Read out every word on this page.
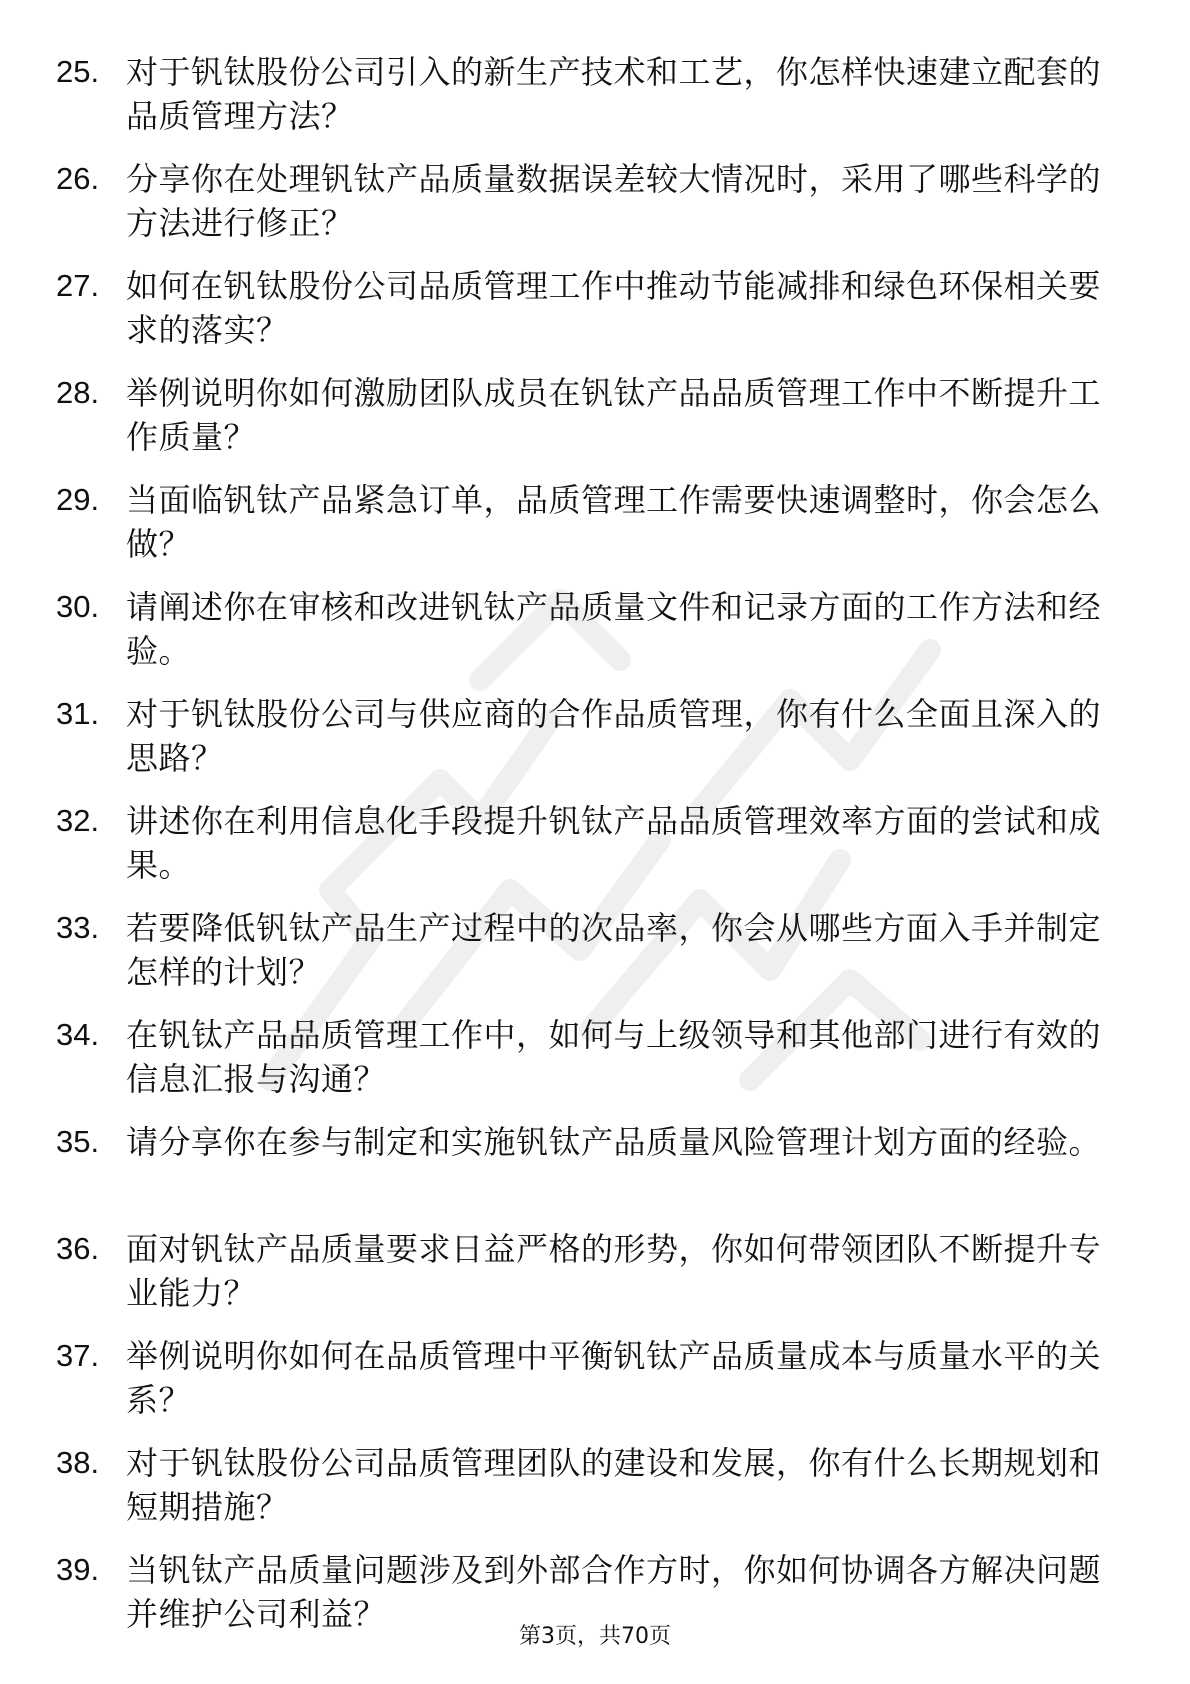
25. 对于钒钛股份公司引入的新生产技术和工艺，你怎样快速建立配套的品质管理方法？
26. 分享你在处理钒钛产品质量数据误差较大情况时，采用了哪些科学的方法进行修正？
27. 如何在钒钛股份公司品质管理工作中推动节能减排和绿色环保相关要求的落实？
28. 举例说明你如何激励团队成员在钒钛产品品质管理工作中不断提升工作质量？
29. 当面临钒钛产品紧急订单，品质管理工作需要快速调整时，你会怎么做？
30. 请阐述你在审核和改进钒钛产品质量文件和记录方面的工作方法和经验。
31. 对于钒钛股份公司与供应商的合作品质管理，你有什么全面且深入的思路？
32. 讲述你在利用信息化手段提升钒钛产品品质管理效率方面的尝试和成果。
33. 若要降低钒钛产品生产过程中的次品率，你会从哪些方面入手并制定怎样的计划？
34. 在钒钛产品品质管理工作中，如何与上级领导和其他部门进行有效的信息汇报与沟通？
35. 请分享你在参与制定和实施钒钛产品质量风险管理计划方面的经验。
36. 面对钒钛产品质量要求日益严格的形势，你如何带领团队不断提升专业能力？
37. 举例说明你如何在品质管理中平衡钒钛产品质量成本与质量水平的关系？
38. 对于钒钛股份公司品质管理团队的建设和发展，你有什么长期规划和短期措施？
39. 当钒钛产品质量问题涉及到外部合作方时，你如何协调各方解决问题并维护公司利益？
第3页，共70页
